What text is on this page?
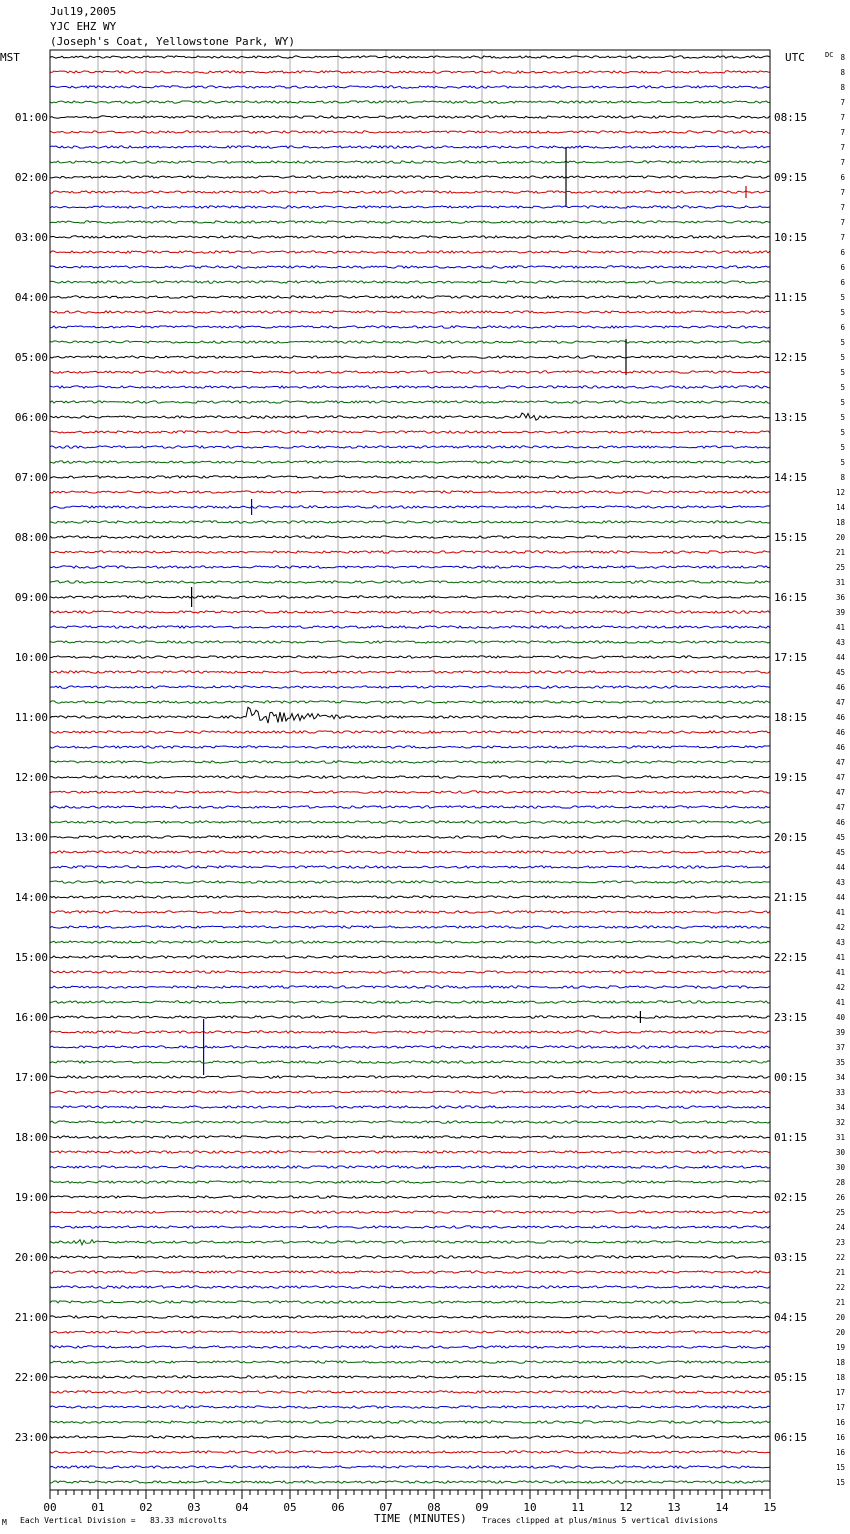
Jul19,2005
YJC EHZ WY
(Joseph's Coat, Yellowstone Park, WY)
8
8
8
7
7
01:00	08:15
7
7
7
6
02:00	09:15
7
7
7
7
03:00	10:15
6
6
6
5
04:00	11:15
5
6
5
5
05:00	12:15
5
5
5
5
06:00	13:15
5
5
5
8
07:00	14:15
12
14
18
20
08:00	15:15
21
25
31
36
09:00	16:15
39
41
43
44
10:00	17:15
45
46
47
46
11:00	18:15
46
46
47
47
12:00	19:15
47
47
46
45
13:00	20:15
45
44
43
44
14:00	21:15
41
42
43
41
15:00	22:15
41
42
41
40
16:00	23:15
39
37
35
34
17:00	00:15
33
34
32
31
18:00	01:15
30
30
28
26
19:00	02:15
25
24
23
22
20:00	03:15
21
22
21
20
21:00	04:15
20
19
18
18
22:00	05:15
17
17
16
16
23:00	06:15
16
15
15
MST	UTC	DC
00	01	02	03	04	05	06	07	08	09	10	11	12	13	14	15
TIME (MINUTES)
M Each Vertical Division =   83.33 microvolts	Traces clipped at plus/minus 5 vertical divisions
